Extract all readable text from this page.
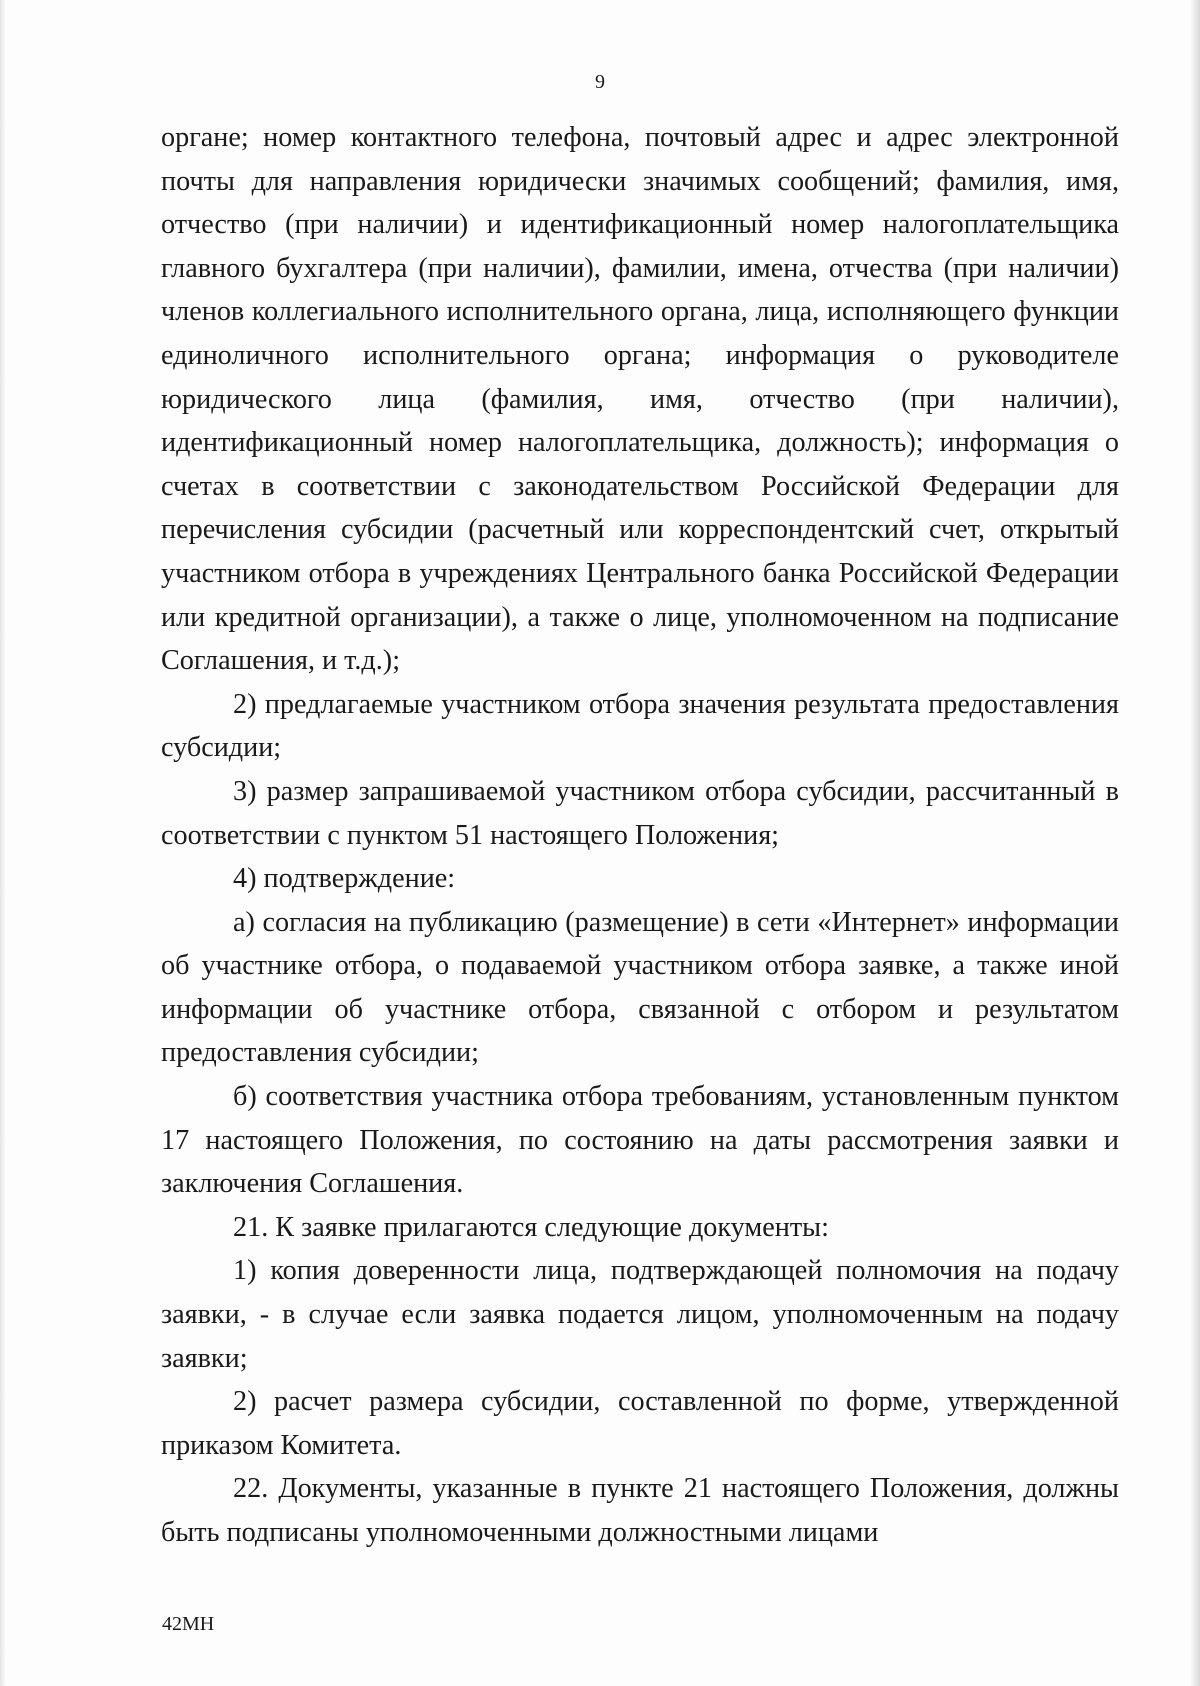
9

органе; номер контактного телефона, почтовый адрес и адрес электронной почты для направления юридически значимых сообщений; фамилия, имя, отчество (при наличии) и идентификационный номер налогоплательщика главного бухгалтера (при наличии), фамилии, имена, отчества (при наличии) членов коллегиального исполнительного органа, лица, исполняющего функции единоличного исполнительного органа; информация о руководителе юридического лица (фамилия, имя, отчество (при наличии), идентификационный номер налогоплательщика, должность); информация о счетах в соответствии с законодательством Российской Федерации для перечисления субсидии (расчетный или корреспондентский счет, открытый участником отбора в учреждениях Центрального банка Российской Федерации или кредитной организации), а также о лице, уполномоченном на подписание Соглашения, и т.д.);

2) предлагаемые участником отбора значения результата предоставления субсидии;

3) размер запрашиваемой участником отбора субсидии, рассчитанный в соответствии с пунктом 51 настоящего Положения;

4) подтверждение:

а) согласия на публикацию (размещение) в сети «Интернет» информации об участнике отбора, о подаваемой участником отбора заявке, а также иной информации об участнике отбора, связанной с отбором и результатом предоставления субсидии;

б) соответствия участника отбора требованиям, установленным пунктом 17 настоящего Положения, по состоянию на даты рассмотрения заявки и заключения Соглашения.

21. К заявке прилагаются следующие документы:

1) копия доверенности лица, подтверждающей полномочия на подачу заявки, - в случае если заявка подается лицом, уполномоченным на подачу заявки;

2) расчет размера субсидии, составленной по форме, утвержденной приказом Комитета.

22. Документы, указанные в пункте 21 настоящего Положения, должны быть подписаны уполномоченными должностными лицами

42МН
